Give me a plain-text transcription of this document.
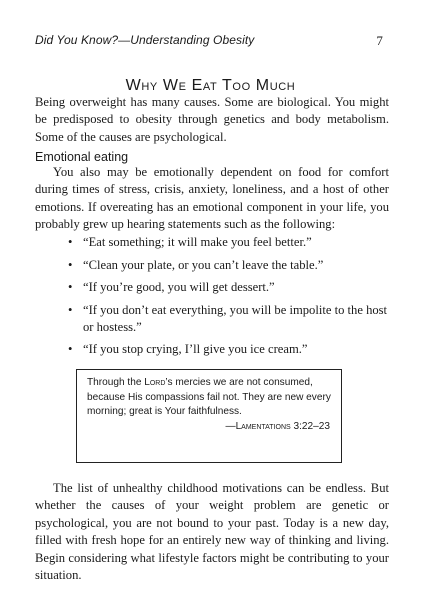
Did You Know?—Understanding Obesity	7
Why We Eat Too Much

Being overweight has many causes. Some are biological. You might be predisposed to obesity through genetics and body metabolism. Some of the causes are psychological.

Emotional eating

You also may be emotionally dependent on food for comfort during times of stress, crisis, anxiety, loneliness, and a host of other emotions. If overeating has an emotional component in your life, you probably grew up hearing statements such as the following:

• “Eat something; it will make you feel better.”
• “Clean your plate, or you can’t leave the table.”
• “If you’re good, you will get dessert.”
• “If you don’t eat everything, you will be impolite to the host or hostess.”
• “If you stop crying, I’ll give you ice cream.”
Through the Lord’s mercies we are not consumed, because His compassions fail not. They are new every morning; great is Your faithfulness.
—Lamentations 3:22–23

The list of unhealthy childhood motivations can be endless. But whether the causes of your weight problem are genetic or psychological, you are not bound to your past. Today is a new day, filled with fresh hope for an entirely new way of thinking and living. Begin considering what lifestyle factors might be contributing to your situation.
